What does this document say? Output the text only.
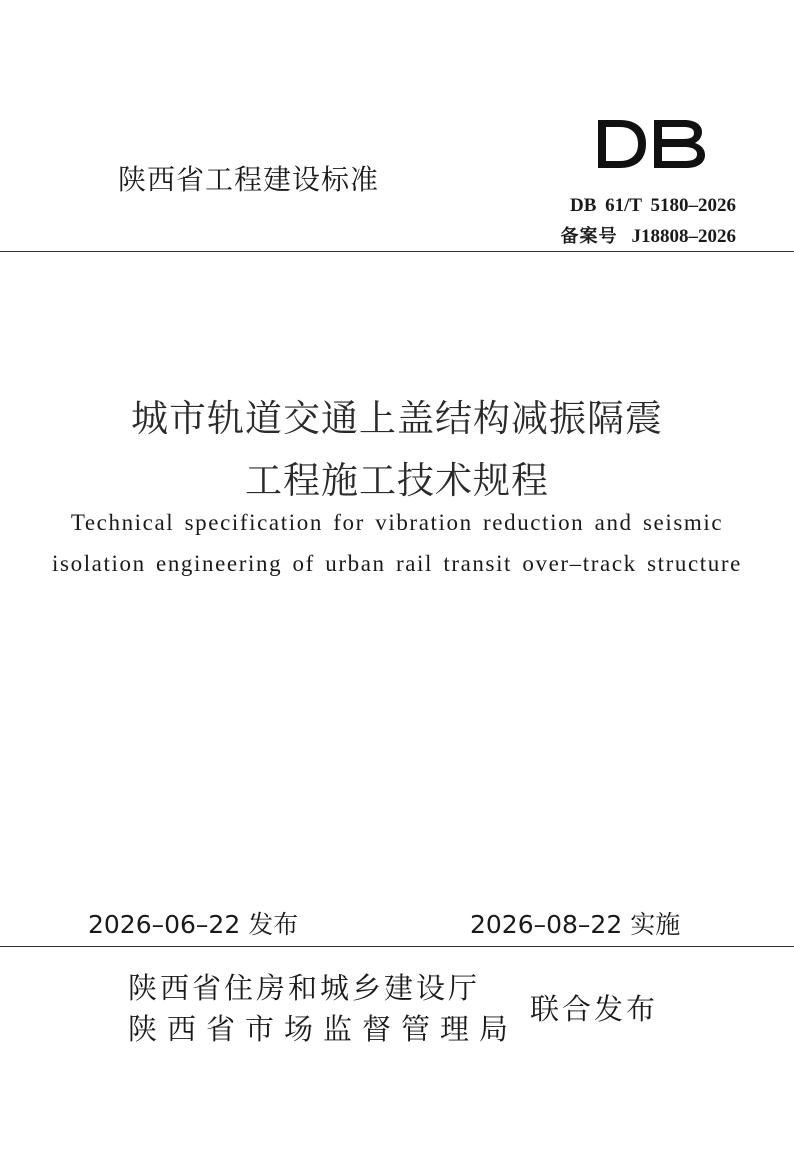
陕西省工程建设标准
DB 61/T 5180–2026
备案号 J18808–2026
城市轨道交通上盖结构减振隔震
工程施工技术规程
Technical specification for vibration reduction and seismic
isolation engineering of urban rail transit over–track structure
2026–06–22 发布	2026–08–22 实施
陕西省住房和城乡建设厅
陕西省市场监督管理局
联合发布
